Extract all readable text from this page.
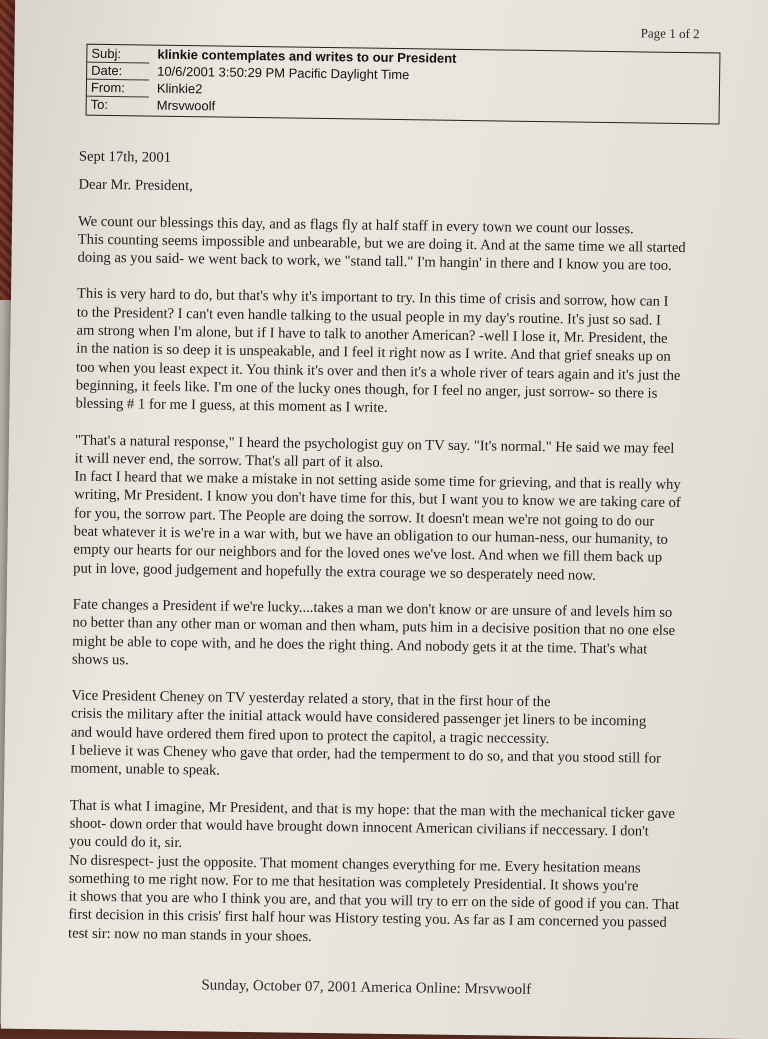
Page 1 of 2
Subj:	klinkie contemplates and writes to our President
Date:	10/6/2001 3:50:29 PM Pacific Daylight Time
From:	Klinkie2
To:	Mrsvwoolf

Sept 17th, 2001

Dear Mr. President,

We count our blessings this day, and as flags fly at half staff in every town we count our losses.
This counting seems impossible and unbearable, but we are doing it. And at the same time we all started
doing as you said- we went back to work, we "stand tall." I'm hangin' in there and I know you are too.

This is very hard to do, but that's why it's important to try. In this time of crisis and sorrow, how can I
to the President? I can't even handle talking to the usual people in my day's routine. It's just so sad. I
am strong when I'm alone, but if I have to talk to another American? -well I lose it, Mr. President, the
in the nation is so deep it is unspeakable, and I feel it right now as I write. And that grief sneaks up on
too when you least expect it. You think it's over and then it's a whole river of tears again and it's just the
beginning, it feels like. I'm one of the lucky ones though, for I feel no anger, just sorrow- so there is
blessing # 1 for me I guess, at this moment as I write.

"That's a natural response," I heard the psychologist guy on TV say. "It's normal." He said we may feel
it will never end, the sorrow. That's all part of it also.
In fact I heard that we make a mistake in not setting aside some time for grieving, and that is really why
writing, Mr President. I know you don't have time for this, but I want you to know we are taking care of
for you, the sorrow part. The People are doing the sorrow. It doesn't mean we're not going to do our
beat whatever it is we're in a war with, but we have an obligation to our human-ness, our humanity, to
empty our hearts for our neighbors and for the loved ones we've lost. And when we fill them back up
put in love, good judgement and hopefully the extra courage we so desperately need now.

Fate changes a President if we're lucky....takes a man we don't know or are unsure of and levels him so
no better than any other man or woman and then wham, puts him in a decisive position that no one else
might be able to cope with, and he does the right thing. And nobody gets it at the time. That's what
shows us.

Vice President Cheney on TV yesterday related a story, that in the first hour of the
crisis the military after the initial attack would have considered passenger jet liners to be incoming
and would have ordered them fired upon to protect the capitol, a tragic neccessity.
I believe it was Cheney who gave that order, had the temperment to do so, and that you stood still for
moment, unable to speak.

That is what I imagine, Mr President, and that is my hope: that the man with the mechanical ticker gave
shoot- down order that would have brought down innocent American civilians if neccessary. I don't
you could do it, sir.
No disrespect- just the opposite. That moment changes everything for me. Every hesitation means
something to me right now. For to me that hesitation was completely Presidential. It shows you're
it shows that you are who I think you are, and that you will try to err on the side of good if you can. That
first decision in this crisis' first half hour was History testing you. As far as I am concerned you passed
test sir: now no man stands in your shoes.

Sunday, October 07, 2001 America Online: Mrsvwoolf
